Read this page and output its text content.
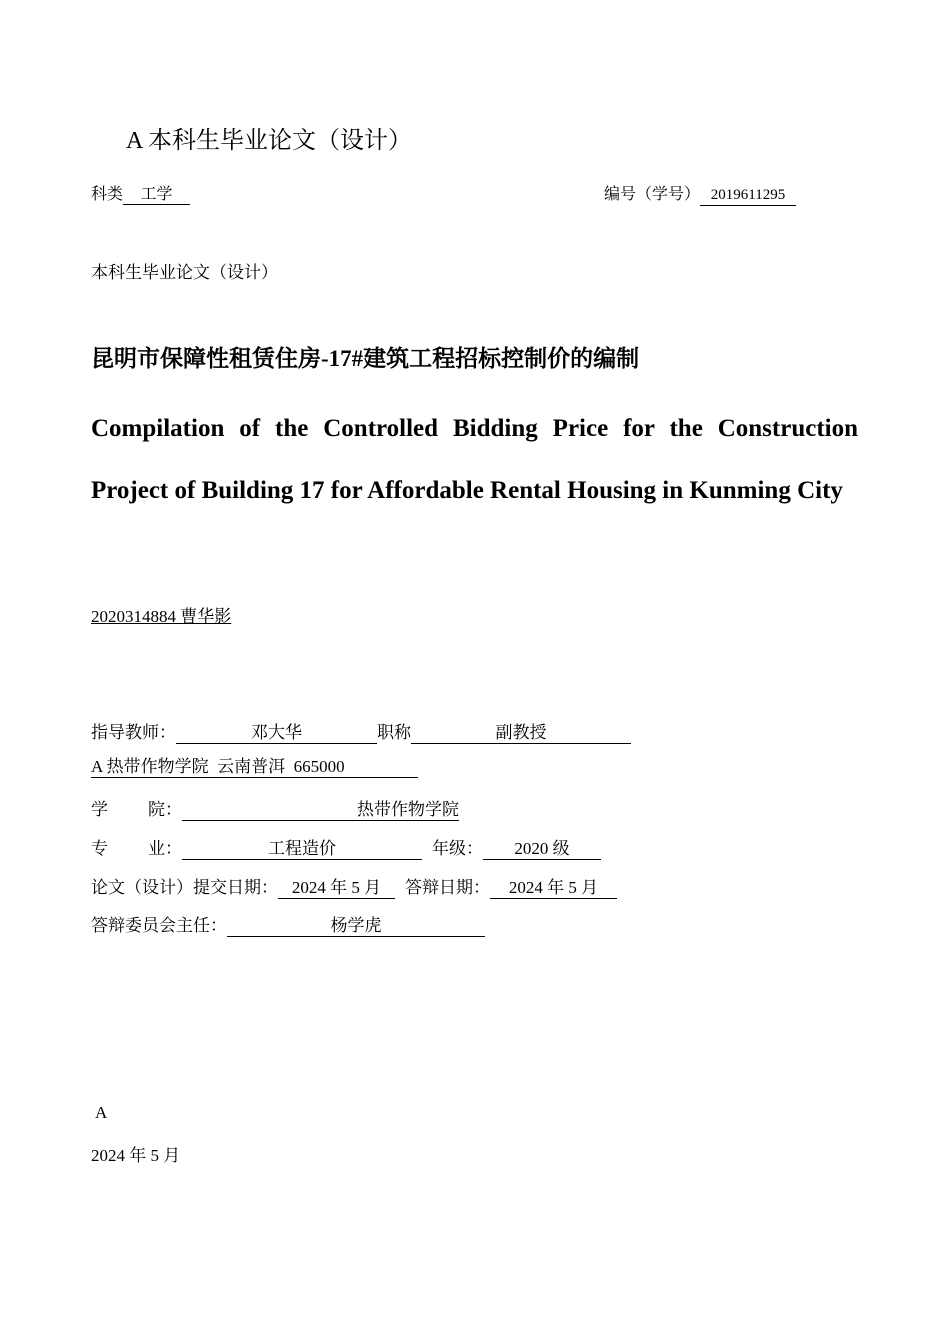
A 本科生毕业论文（设计）
科类 工学	编号（学号） 2019611295
本科生毕业论文（设计）
昆明市保障性租赁住房-17#建筑工程招标控制价的编制
Compilation of the Controlled Bidding Price for the Construction Project of Building 17 for Affordable Rental Housing in Kunming City
2020314884 曹华影
指导教师：	邓大华	职称	副教授
A 热带作物学院  云南普洱  665000
学 院：	热带作物学院
专 业：	工程造价	年级： 2020 级
论文（设计）提交日期： 2024 年 5 月 答辩日期： 2024 年 5 月
答辩委员会主任：	杨学虎
A
2024 年 5 月
